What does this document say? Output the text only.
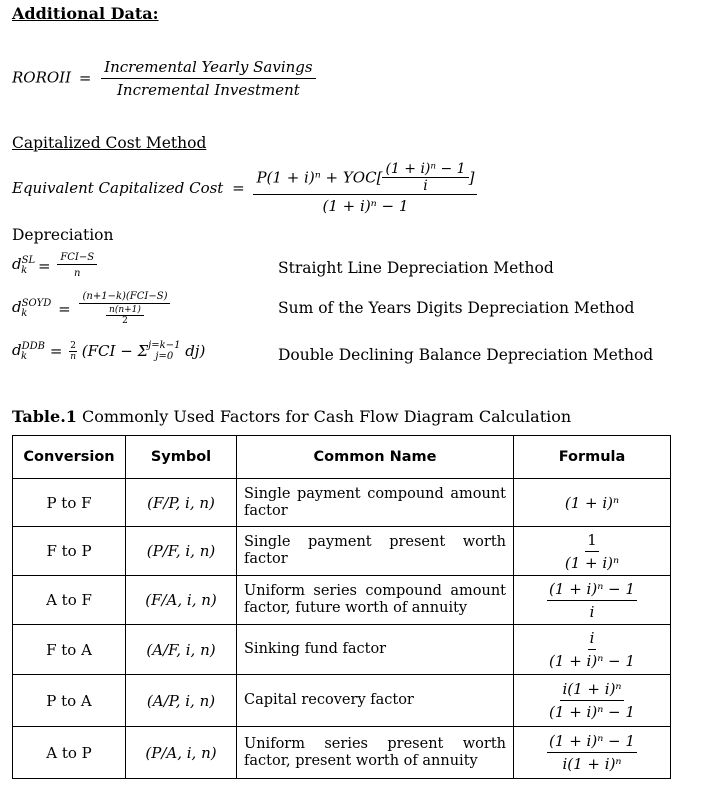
Additional Data:
ROROII = $\frac{\text{Incremental Yearly Savings}}{\text{Incremental Investment}}$
Capitalized Cost Method
Equivalent Capitalized Cost = $\frac{P(1 + i)^n + YOC[ \frac{\text{(1 + i)ⁿ − 1}}{i} ]}{\text{(1 + i)ⁿ − 1}}$
Depreciation
$d^{SL}_k = \frac{\text{FCI−S}}{n}$	Straight Line Depreciation Method
$d^{SOYD}_k = \frac{\text{(n+1−k)(FCI−S)}}{\frac{n(n+1)}{2}}$	Sum of the Years Digits Depreciation Method
$d^{DDB}_k = \frac{2}{n} (FCI - \Sigma$ j=k−1
j=0 dj)	Double Declining Balance Depreciation Method
Table.1 Commonly Used Factors for Cash Flow Diagram Calculation
Conversion	Symbol	Common Name	Formula
P to F	(F/P, i, n)	Single payment compound amount factor	(1 + i)ⁿ
F to P	(P/F, i, n)	Single payment present worth factor	$\frac{1}{\text{(1 + i)ⁿ}}$

A to F	(F/A, i, n)	Uniform series compound amount factor, future worth of annuity	$\frac{\text{(1 + i)ⁿ − 1}}{i}$

F to A	(A/F, i, n)	Sinking fund factor	$\frac{i}{\text{(1 + i)ⁿ − 1}}$

P to A	(A/P, i, n)	Capital recovery factor	$\frac{\text{i(1 + i)ⁿ}}{\text{(1 + i)ⁿ − 1}}$

A to P	(P/A, i, n)	Uniform series present worth factor, present worth of annuity	$\frac{\text{(1 + i)ⁿ − 1}}{\text{i(1 + i)ⁿ}}$
